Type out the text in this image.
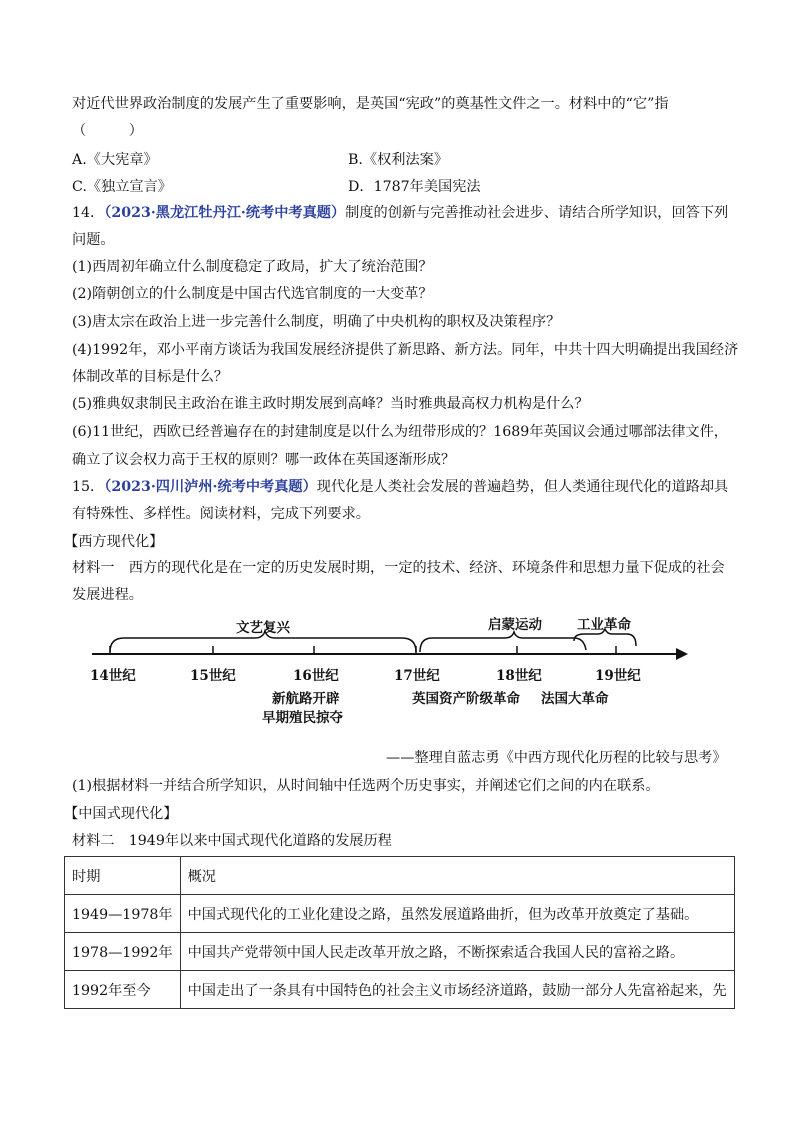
对近代世界政治制度的发展产生了重要影响，是英国“宪政”的奠基性文件之一。材料中的“它”指
（　　　）
A.《大宪章》	B.《权利法案》
C.《独立宣言》	D．1787年美国宪法
14．（2023·黑龙江牡丹江·统考中考真题）制度的创新与完善推动社会进步、请结合所学知识，回答下列
问题。
(1)西周初年确立什么制度稳定了政局，扩大了统治范围？
(2)隋朝创立的什么制度是中国古代选官制度的一大变革？
(3)唐太宗在政治上进一步完善什么制度，明确了中央机构的职权及决策程序？
(4)1992年，邓小平南方谈话为我国发展经济提供了新思路、新方法。同年，中共十四大明确提出我国经济
体制改革的目标是什么？
(5)雅典奴隶制民主政治在谁主政时期发展到高峰？当时雅典最高权力机构是什么？
(6)11世纪，西欧已经普遍存在的封建制度是以什么为纽带形成的？1689年英国议会通过哪部法律文件，
确立了议会权力高于王权的原则？哪一政体在英国逐渐形成？
15．（2023·四川泸州·统考中考真题）现代化是人类社会发展的普遍趋势，但人类通往现代化的道路却具
有特殊性、多样性。阅读材料，完成下列要求。
【西方现代化】
材料一　西方的现代化是在一定的历史发展时期，一定的技术、经济、环境条件和思想力量下促成的社会
发展进程。
文艺复兴	启蒙运动	工业革命
14世纪	15世纪	16世纪	17世纪	18世纪	19世纪
新航路开辟
早期殖民掠夺
英国资产阶级革命 法国大革命
——整理自蓝志勇《中西方现代化历程的比较与思考》
(1)根据材料一并结合所学知识，从时间轴中任选两个历史事实，并阐述它们之间的内在联系。
【中国式现代化】
材料二　1949年以来中国式现代化道路的发展历程
时期	概况
1949—1978年	中国式现代化的工业化建设之路，虽然发展道路曲折，但为改革开放奠定了基础。
1978—1992年	中国共产党带领中国人民走改革开放之路，不断探索适合我国人民的富裕之路。
1992年至今	中国走出了一条具有中国特色的社会主义市场经济道路，鼓励一部分人先富裕起来，先
